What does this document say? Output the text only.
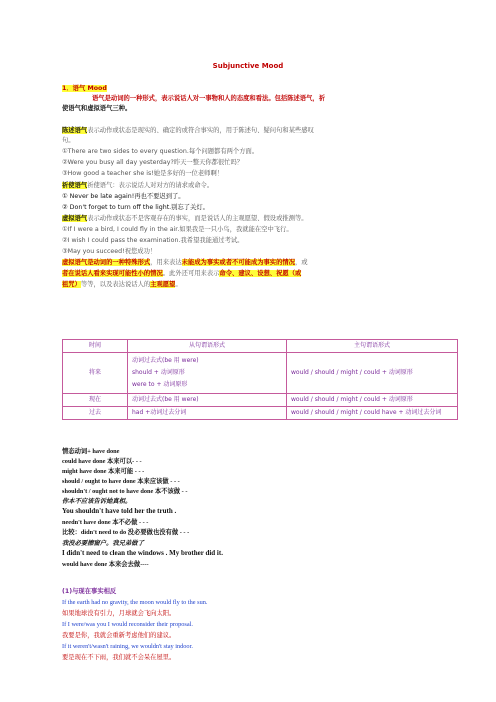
Subjunctive Mood
1．语气 Mood
语气是动词的一种形式，表示说话人对一事物和人的态度和看法。包括陈述语气，祈
使语气和虚拟语气三种。
陈述语气表示动作或状态是现实的、确定的或符合事实的，用于陈述句、疑问句和某些感叹
句。
①There are two sides to every question.每个问题都有两个方面。
②Were you busy all day yesterday?昨天一整天你都很忙吗？
③How good a teacher she is!她是多好的一位老师啊！
祈使语气祈使语气：表示说话人对对方的请求或命令。
① Never be late again!再也不要迟到了。
② Don't forget to turn off the light.别忘了关灯。
虚拟语气表示动作或状态不是客观存在的事实，而是说话人的主观愿望、假设或推测等。
①If I were a bird, I could fly in the air.如果我是一只小鸟，我就能在空中飞行。
②I wish I could pass the examination.我希望我能通过考试。
③May you succeed!祝您成功！
虚拟语气是动词的一种特殊形式，用来表达未能成为事实或者不可能成为事实的情况，或
者在说话人看来实现可能性小的情况。此外还可用来表示命令、建议、设想、祝愿（或
祖咒）等等，以及表达说话人的主观愿望。
时间	从句谓语形式	主句谓语形式
将来	动词过去式(be 用 were)
should + 动词原形
were to + 动词原形	would / should / might / could + 动词原形
现在	动词过去式(be 用 were)	would / should / might / could + 动词原形
过去	had +动词过去分词	would / should / might / could have + 动词过去分词
情态动词+ have done
could have done 本来可以- - -
might have done 本来可能 - - -
should / ought to have done 本来应该做 - - -
shouldn't / ought not to have done 本不该做 - -
你本不应该告诉她真相。
You shouldn't have told her the truth .
needn't have done 本不必做 - - -
比较：didn't need to do 没必要做也没有做 - - -
我没必要擦窗户。我兄弟做了
I didn't need to clean the windows . My brother did it.
would have done 本来会去做----
(1)与现在事实相反
If the earth had no gravity, the moon would fly to the sun.
如果地球没有引力，月球就会飞向太阳。
If I were/was you I would reconsider their proposal.
我要是你，我就会重新考虑他们的建议。
If it weren't/wasn't raining, we wouldn't stay indoor.
要是现在不下雨，我们就不会呆在屋里。
